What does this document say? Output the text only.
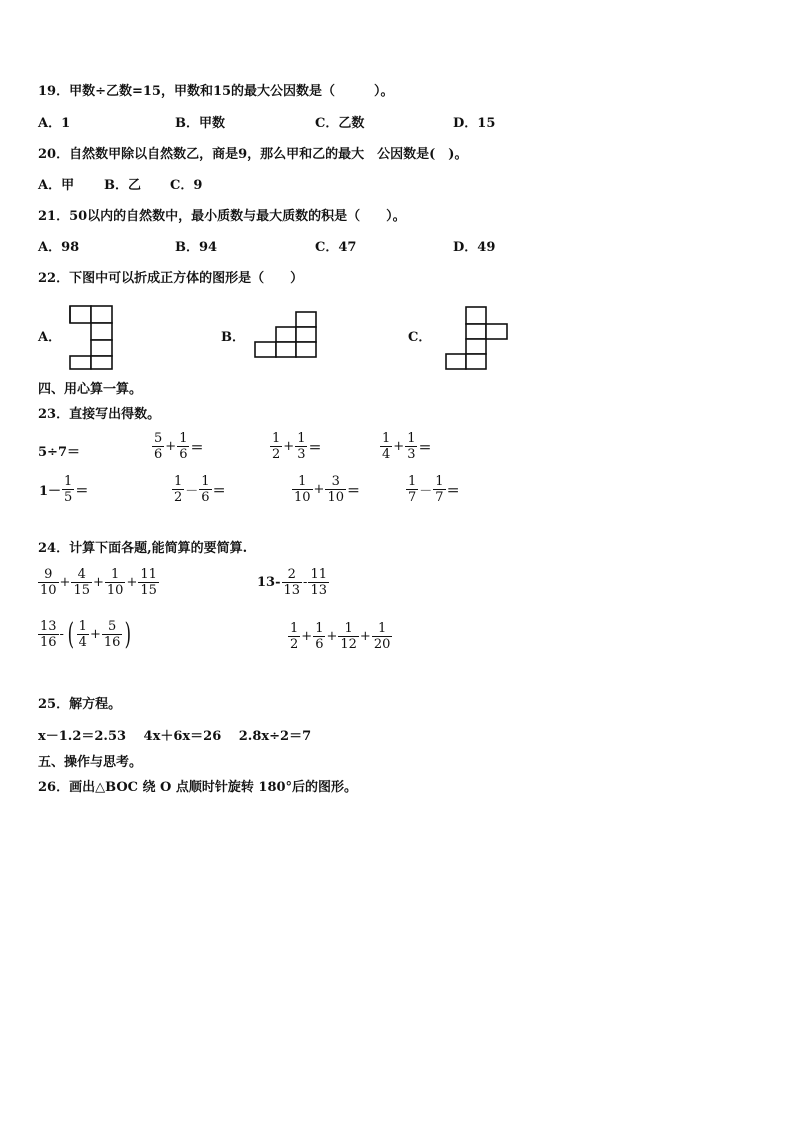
19．甲数÷乙数=15，甲数和15的最大公因数是（　　　）。
A．1	B．甲数	C．乙数	D．15
20．自然数甲除以自然数乙，商是9，那么甲和乙的最大　公因数是(　)。
A．甲 B．乙 C．9
21．50以内的自然数中，最小质数与最大质数的积是（　　）。
A．98	B．94	C．47	D．49
22．下图中可以折成正方体的图形是（　　）
A．	B．	C．
四、用心算一算。
23．直接写出得数。
5÷7＝	$\frac{5}{6} + \frac{1}{6}$ ＝	$\frac{1}{2} + \frac{1}{3}$ ＝	$\frac{1}{4} + \frac{1}{3}$ ＝
$1- \frac{1}{5}$ ＝	$\frac{1}{2} - \frac{1}{6}$ ＝	$\frac{1}{10} + \frac{3}{10}$ ＝	$\frac{1}{7} - \frac{1}{7}$ ＝
24．计算下面各题,能简算的要简算.
$\frac{9}{10} + \frac{4}{15} + \frac{1}{10} + \frac{11}{15}$	$13- \frac{2}{13} - \frac{11}{13}$
$\frac{13}{16}$ - ( $\frac{1}{4} + \frac{5}{16}$ )	$\frac{1}{2} + \frac{1}{6} + \frac{1}{12} + \frac{1}{20}$
25．解方程。
x－1.2＝2.53　 4x＋6x＝26　 2.8x÷2＝7
五、操作与思考。
26．画出△BOC 绕 O 点顺时针旋转 180°后的图形。
